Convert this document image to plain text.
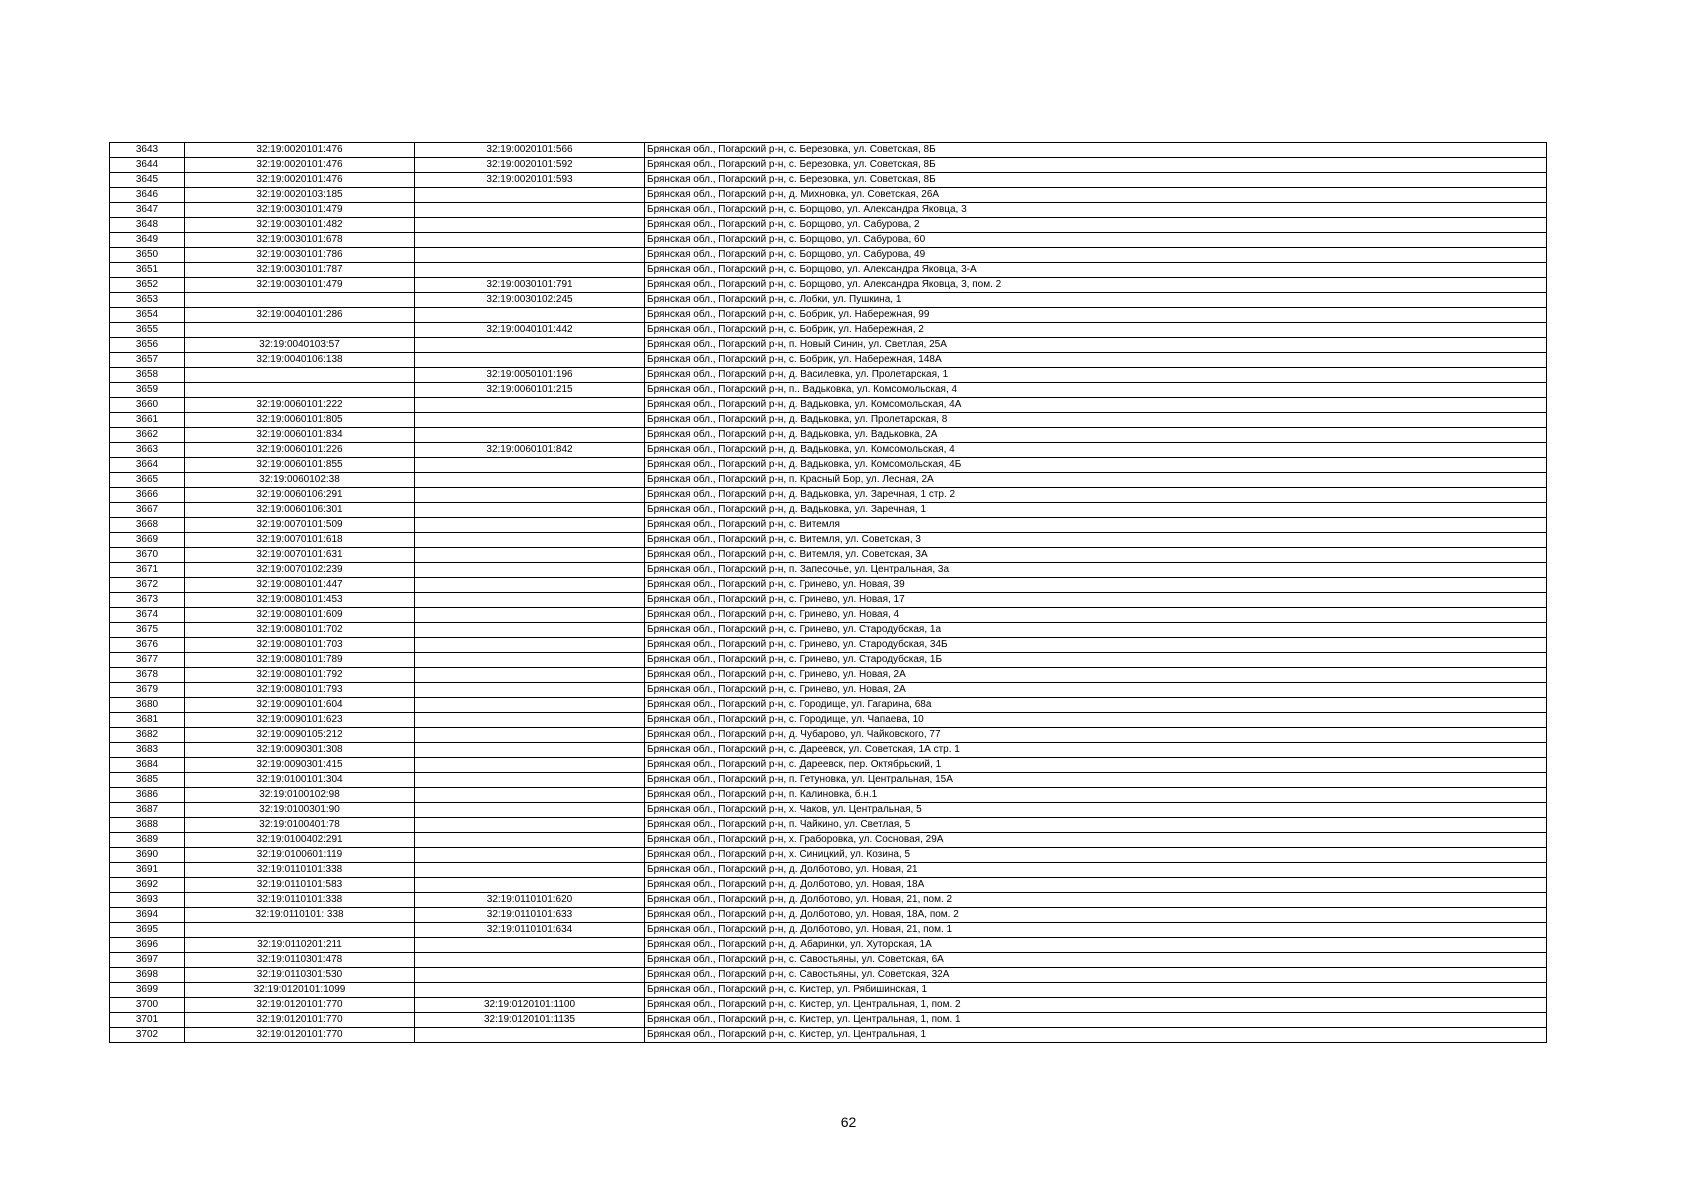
3643	32:19:0020101:476	32:19:0020101:566	Брянская обл., Погарский р-н, с. Березовка, ул. Советская, 8Б
3644	32:19:0020101:476	32:19:0020101:592	Брянская обл., Погарский р-н, с. Березовка, ул. Советская, 8Б
3645	32:19:0020101:476	32:19:0020101:593	Брянская обл., Погарский р-н, с. Березовка, ул. Советская, 8Б
3646	32:19:0020103:185		Брянская обл., Погарский р-н, д. Михновка, ул. Советская, 26А
3647	32:19:0030101:479		Брянская обл., Погарский р-н, с. Борщово, ул. Александра Яковца, 3
3648	32:19:0030101:482		Брянская обл., Погарский р-н, с. Борщово, ул. Сабурова, 2
3649	32:19:0030101:678		Брянская обл., Погарский р-н, с. Борщово, ул. Сабурова, 60
3650	32:19:0030101:786		Брянская обл., Погарский р-н, с. Борщово, ул. Сабурова, 49
3651	32:19:0030101:787		Брянская обл., Погарский р-н, с. Борщово, ул. Александра Яковца, 3-А
3652	32:19:0030101:479	32:19:0030101:791	Брянская обл., Погарский р-н, с. Борщово, ул. Александра Яковца, 3, пом. 2
3653		32:19:0030102:245	Брянская обл., Погарский р-н, с. Лобки, ул. Пушкина, 1
3654	32:19:0040101:286		Брянская обл., Погарский р-н, с. Бобрик, ул. Набережная, 99
3655		32:19:0040101:442	Брянская обл., Погарский р-н, с. Бобрик, ул. Набережная, 2
3656	32:19:0040103:57		Брянская обл., Погарский р-н, п. Новый Синин, ул. Светлая, 25А
3657	32:19:0040106:138		Брянская обл., Погарский р-н, с. Бобрик, ул. Набережная, 148А
3658		32:19:0050101:196	Брянская обл., Погарский р-н, д. Василевка, ул. Пролетарская, 1
3659		32:19:0060101:215	Брянская обл., Погарский р-н, п.. Вадьковка, ул. Комсомольская, 4
3660	32:19:0060101:222		Брянская обл., Погарский р-н, д. Вадьковка, ул. Комсомольская, 4А
3661	32:19:0060101:805		Брянская обл., Погарский р-н, д. Вадьковка, ул. Пролетарская, 8
3662	32:19:0060101:834		Брянская обл., Погарский р-н, д. Вадьковка, ул. Вадьковка, 2А
3663	32:19:0060101:226	32:19:0060101:842	Брянская обл., Погарский р-н, д. Вадьковка, ул. Комсомольская, 4
3664	32:19:0060101:855		Брянская обл., Погарский р-н, д. Вадьковка, ул. Комсомольская, 4Б
3665	32:19:0060102:38		Брянская обл., Погарский р-н, п. Красный Бор, ул. Лесная, 2А
3666	32:19:0060106:291		Брянская обл., Погарский р-н, д. Вадьковка, ул. Заречная, 1 стр. 2
3667	32:19:0060106:301		Брянская обл., Погарский р-н, д. Вадьковка, ул. Заречная, 1
3668	32:19:0070101:509		Брянская обл., Погарский р-н, с. Витемля
3669	32:19:0070101:618		Брянская обл., Погарский р-н, с. Витемля, ул. Советская, 3
3670	32:19:0070101:631		Брянская обл., Погарский р-н, с. Витемля, ул. Советская, 3А
3671	32:19:0070102:239		Брянская обл., Погарский р-н, п. Запесочье, ул. Центральная, 3а
3672	32:19:0080101:447		Брянская обл., Погарский р-н, с. Гринево, ул. Новая, 39
3673	32:19:0080101:453		Брянская обл., Погарский р-н, с. Гринево, ул. Новая, 17
3674	32:19:0080101:609		Брянская обл., Погарский р-н, с. Гринево, ул. Новая, 4
3675	32:19:0080101:702		Брянская обл., Погарский р-н, с. Гринево, ул. Стародубская, 1а
3676	32:19:0080101:703		Брянская обл., Погарский р-н, с. Гринево, ул. Стародубская, 34Б
3677	32:19:0080101:789		Брянская обл., Погарский р-н, с. Гринево, ул. Стародубская, 1Б
3678	32:19:0080101:792		Брянская обл., Погарский р-н, с. Гринево, ул. Новая, 2А
3679	32:19:0080101:793		Брянская обл., Погарский р-н, с. Гринево, ул. Новая, 2А
3680	32:19:0090101:604		Брянская обл., Погарский р-н, с. Городище, ул. Гагарина, 68а
3681	32:19:0090101:623		Брянская обл., Погарский р-н, с. Городище, ул. Чапаева, 10
3682	32:19:0090105:212		Брянская обл., Погарский р-н, д. Чубарово, ул. Чайковского, 77
3683	32:19:0090301:308		Брянская обл., Погарский р-н, с. Дареевск, ул. Советская, 1А стр. 1
3684	32:19:0090301:415		Брянская обл., Погарский р-н, с. Дареевск, пер. Октябрьский, 1
3685	32:19:0100101:304		Брянская обл., Погарский р-н, п. Гетуновка, ул. Центральная, 15А
3686	32:19:0100102:98		Брянская обл., Погарский р-н, п. Калиновка, б.н.1
3687	32:19:0100301:90		Брянская обл., Погарский р-н, х. Чаков, ул. Центральная, 5
3688	32:19:0100401:78		Брянская обл., Погарский р-н, п. Чайкино, ул. Светлая, 5
3689	32:19:0100402:291		Брянская обл., Погарский р-н, х. Граборовка, ул. Сосновая, 29А
3690	32:19:0100601:119		Брянская обл., Погарский р-н, х. Синицкий, ул. Козина, 5
3691	32:19:0110101:338		Брянская обл., Погарский р-н, д. Долботово, ул. Новая, 21
3692	32:19:0110101:583		Брянская обл., Погарский р-н, д. Долботово, ул. Новая, 18А
3693	32:19:0110101:338	32:19:0110101:620	Брянская обл., Погарский р-н, д. Долботово, ул. Новая, 21, пом. 2
3694	32:19:0110101: 338	32:19:0110101:633	Брянская обл., Погарский р-н, д. Долботово, ул. Новая, 18А, пом. 2
3695		32:19:0110101:634	Брянская обл., Погарский р-н, д. Долботово, ул. Новая, 21, пом. 1
3696	32:19:0110201:211		Брянская обл., Погарский р-н, д. Абаринки, ул. Хуторская, 1А
3697	32:19:0110301:478		Брянская обл., Погарский р-н, с. Савостьяны, ул. Советская, 6А
3698	32:19:0110301:530		Брянская обл., Погарский р-н, с. Савостьяны, ул. Советская, 32А
3699	32:19:0120101:1099		Брянская обл., Погарский р-н, с. Кистер, ул. Рябишинская, 1
3700	32:19:0120101:770	32:19:0120101:1100	Брянская обл., Погарский р-н, с. Кистер, ул. Центральная, 1, пом. 2
3701	32:19:0120101:770	32:19:0120101:1135	Брянская обл., Погарский р-н, с. Кистер, ул. Центральная, 1, пом. 1
3702	32:19:0120101:770		Брянская обл., Погарский р-н, с. Кистер, ул. Центральная, 1
62
